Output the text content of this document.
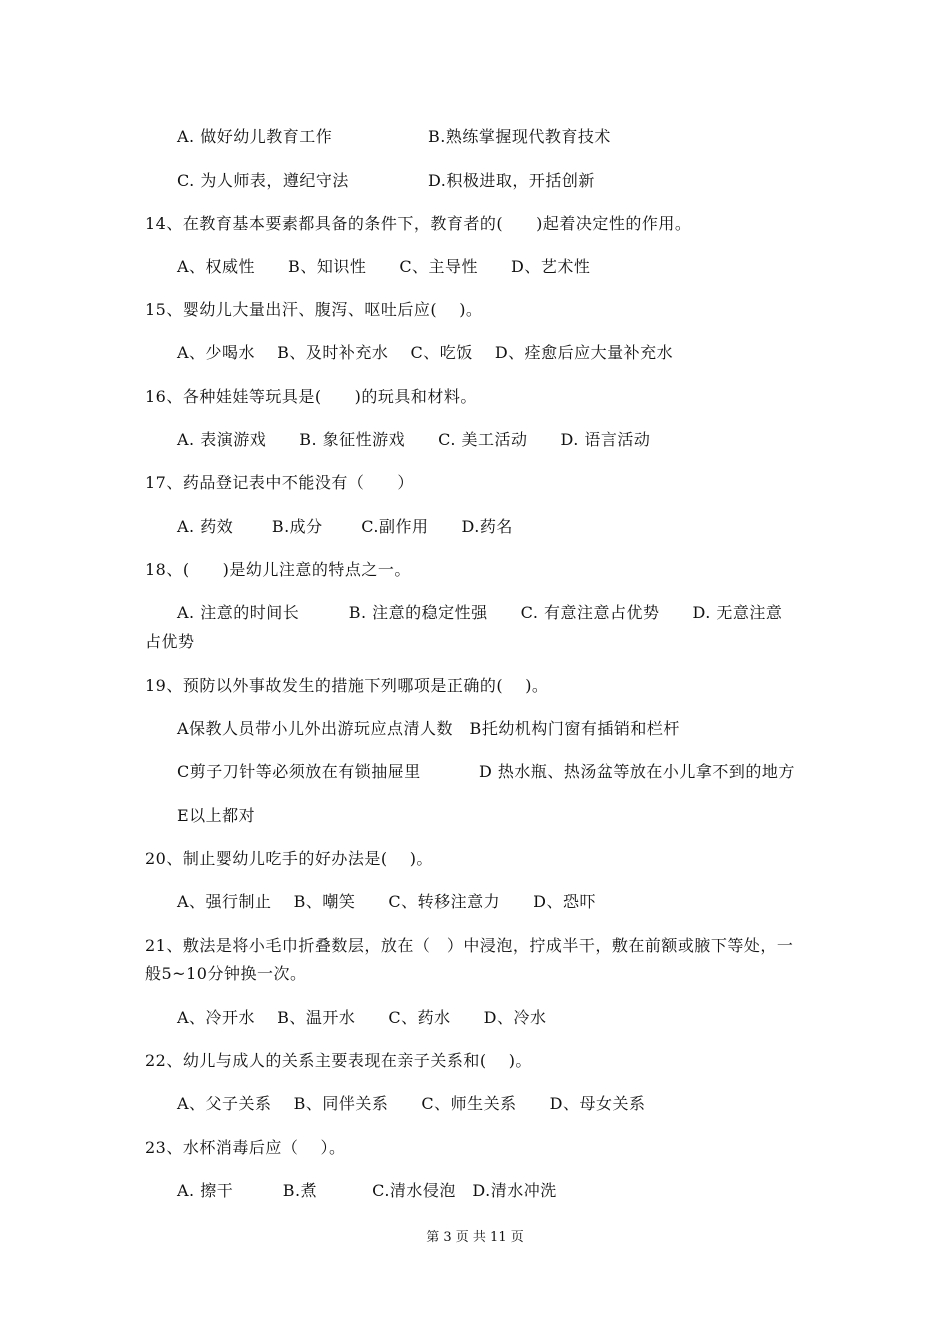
A. 做好幼儿教育工作	B.熟练掌握现代教育技术
C. 为人师表，遵纪守法	D.积极进取，开括创新
14、在教育基本要素都具备的条件下，教育者的(　　)起着决定性的作用。
A、权威性　　B、知识性　　C、主导性　　D、艺术性
15、婴幼儿大量出汗、腹泻、呕吐后应(　 )。
A、少喝水　 B、及时补充水　 C、吃饭　 D、痊愈后应大量补充水
16、各种娃娃等玩具是(　　)的玩具和材料。
A. 表演游戏　　B. 象征性游戏　　C. 美工活动　　D. 语言活动
17、药品登记表中不能没有（　　）
A. 药效　　 B.成分　　 C.副作用　　D.药名
18、(　　)是幼儿注意的特点之一。
A. 注意的时间长　　　B. 注意的稳定性强　　C. 有意注意占优势　　D. 无意注意
占优势
19、预防以外事故发生的措施下列哪项是正确的(　 )。
A保教人员带小儿外出游玩应点清人数　B托幼机构门窗有插销和栏杆
C剪子刀针等必须放在有锁抽屉里	D 热水瓶、热汤盆等放在小儿拿不到的地方
E以上都对
20、制止婴幼儿吃手的好办法是(　 )。
A、强行制止　 B、嘲笑　　C、转移注意力　　D、恐吓
21、敷法是将小毛巾折叠数层，放在（　）中浸泡，拧成半干，敷在前额或腋下等处，一
般5~10分钟换一次。
A、冷开水　 B、温开水　　C、药水　　D、冷水
22、幼儿与成人的关系主要表现在亲子关系和(　 )。
A、父子关系　 B、同伴关系　　C、师生关系　　D、母女关系
23、水杯消毒后应（　 ）。
A. 擦干　　　B.煮　　　 C.清水侵泡　D.清水冲洗
第 3 页 共 11 页
